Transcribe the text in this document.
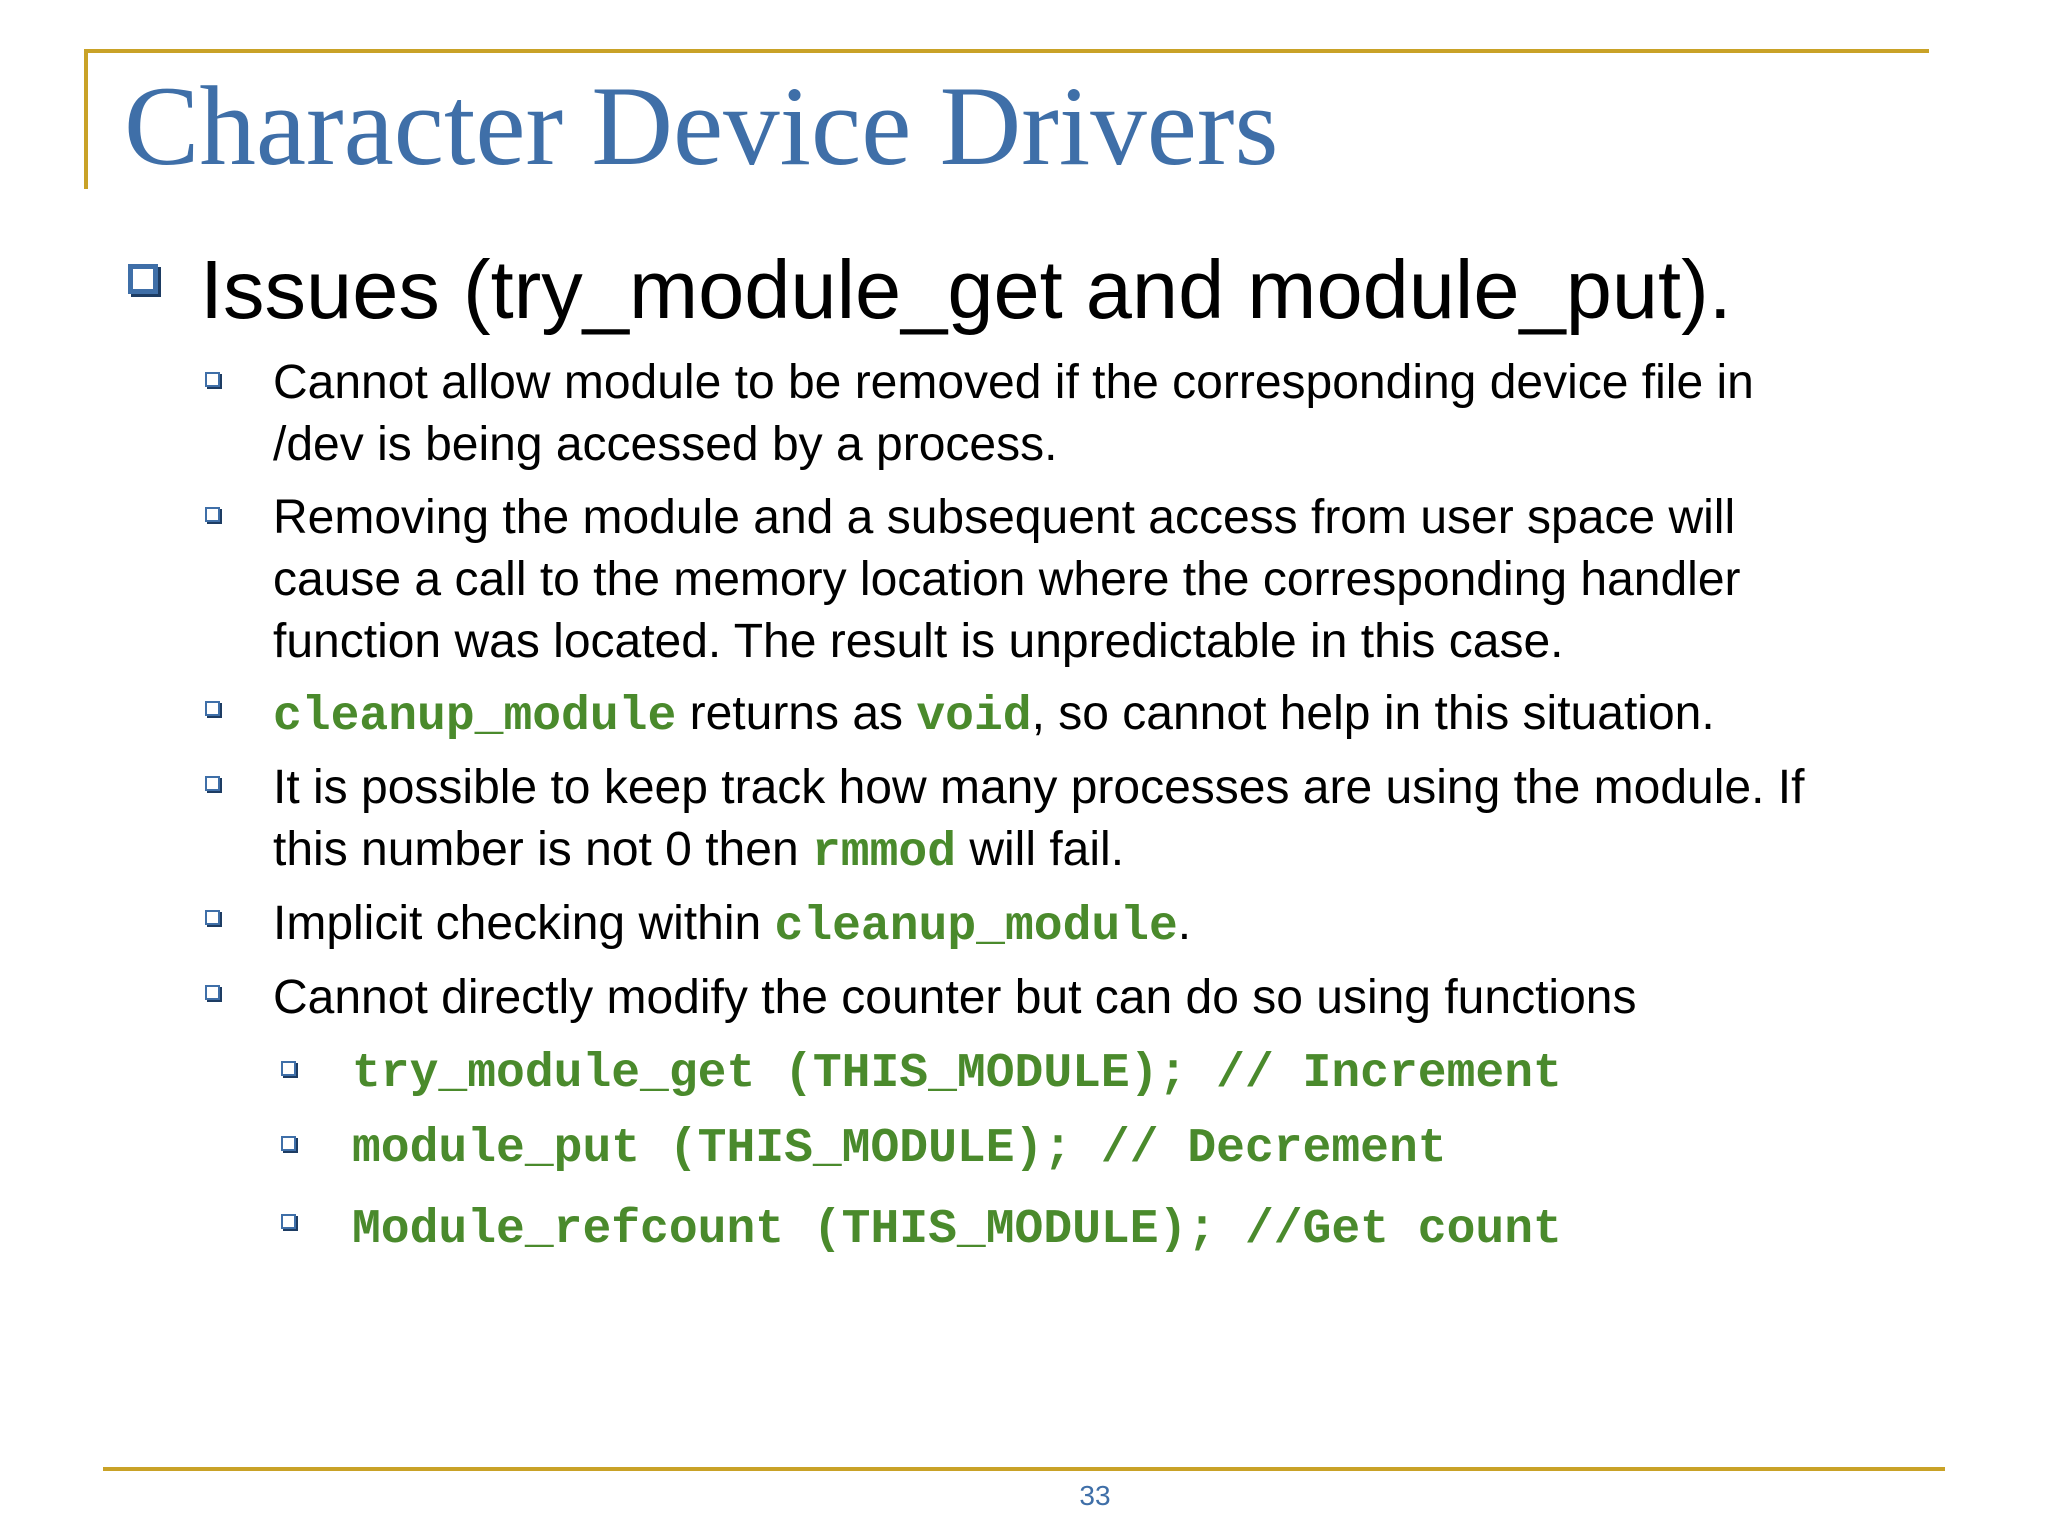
Character Device Drivers

Issues (try_module_get and module_put).

Cannot allow module to be removed if the corresponding device file in

/dev is being accessed by a process.

Removing the module and a subsequent access from user space will

cause a call to the memory location where the corresponding handler

function was located. The result is unpredictable in this case.

cleanup_module returns as void, so cannot help in this situation.

It is possible to keep track how many processes are using the module. If

this number is not 0 then rmmod will fail.

Implicit checking within cleanup_module.

Cannot directly modify the counter but can do so using functions

try_module_get (THIS_MODULE); // Increment

module_put (THIS_MODULE); // Decrement

Module_refcount (THIS_MODULE); //Get count

33
